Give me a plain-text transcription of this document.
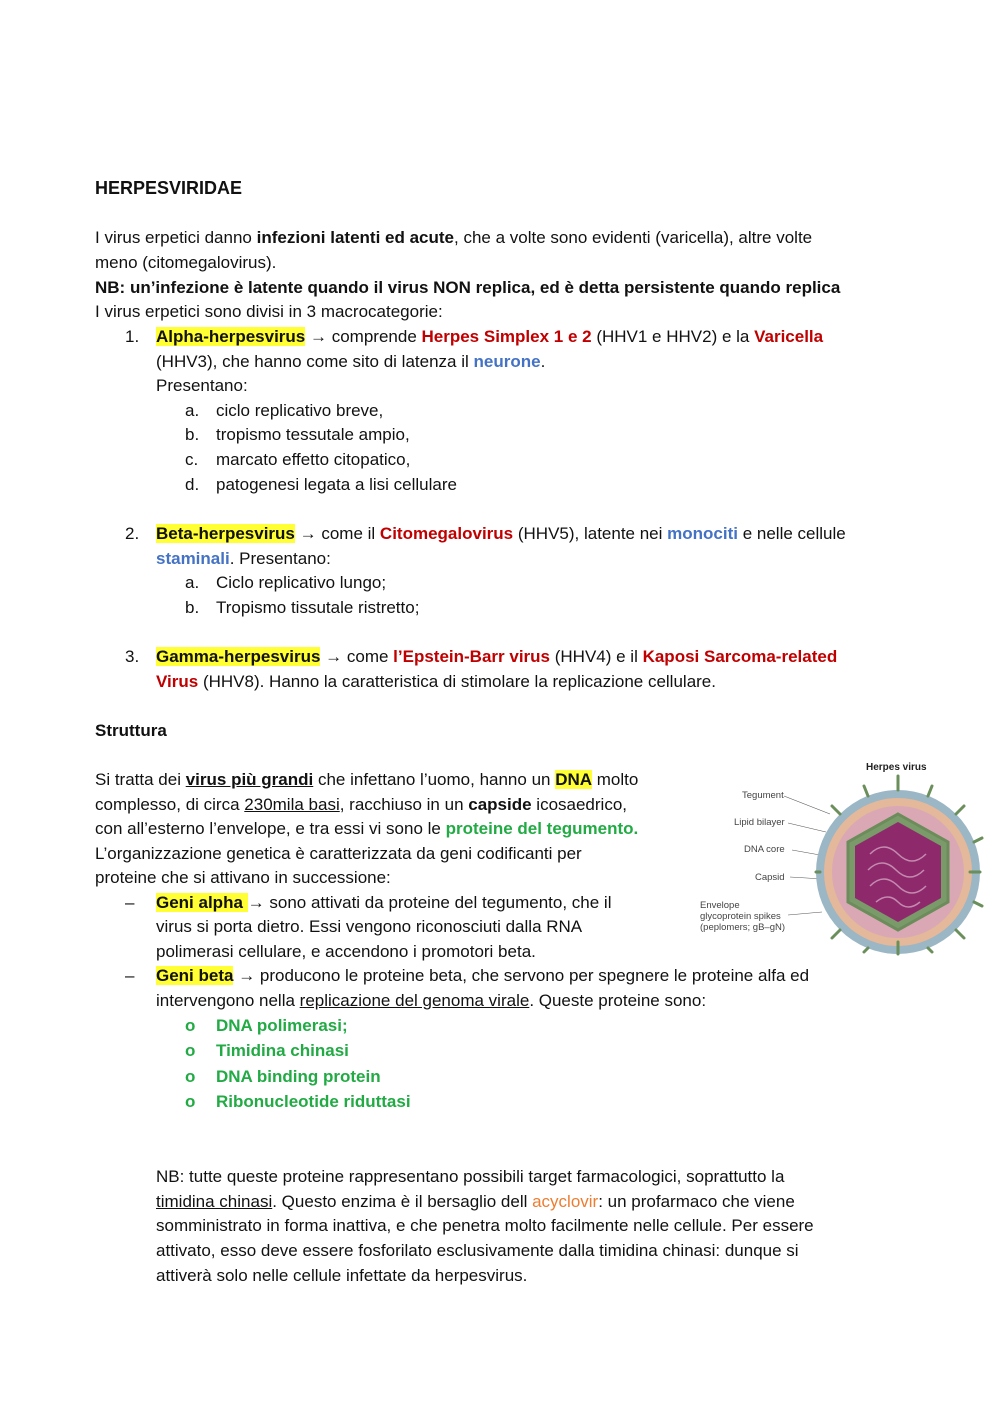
HERPESVIRIDAE
I virus erpetici danno infezioni latenti ed acute, che a volte sono evidenti (varicella), altre volte
meno (citomegalovirus).
NB: un’infezione è latente quando il virus NON replica, ed è detta persistente quando replica
I virus erpetici sono divisi in 3 macrocategorie:
1. Alpha-herpesvirus → comprende Herpes Simplex 1 e 2 (HHV1 e HHV2) e la Varicella
(HHV3), che hanno come sito di latenza il neurone.
Presentano:
a. ciclo replicativo breve,
b. tropismo tessutale ampio,
c.	marcato effetto citopatico,
d. patogenesi legata a lisi cellulare
2. Beta-herpesvirus → come il Citomegalovirus (HHV5), latente nei monociti e nelle cellule
staminali. Presentano:
a. Ciclo replicativo lungo;
b. Tropismo tissutale ristretto;
3. Gamma-herpesvirus → come l’Epstein-Barr virus (HHV4) e il Kaposi Sarcoma-related
Virus (HHV8). Hanno la caratteristica di stimolare la replicazione cellulare.
Struttura
Si tratta dei virus più grandi che infettano l’uomo, hanno un DNA molto
complesso, di circa 230mila basi, racchiuso in un capside icosaedrico,
con all’esterno l’envelope, e tra essi vi sono le proteine del tegumento.
L’organizzazione genetica è caratterizzata da geni codificanti per
proteine che si attivano in successione:
– Geni alpha → sono attivati da proteine del tegumento, che il
virus si porta dietro. Essi vengono riconosciuti dalla RNA
polimerasi cellulare, e accendono i promotori beta.
– Geni beta → producono le proteine beta, che servono per spegnere le proteine alfa ed
intervengono nella replicazione del genoma virale. Queste proteine sono:
o DNA polimerasi;
o Timidina chinasi
o DNA binding protein
o Ribonucleotide riduttasi
NB: tutte queste proteine rappresentano possibili target farmacologici, soprattutto la
timidina chinasi. Questo enzima è il bersaglio dell acyclovir: un profarmaco che viene
somministrato in forma inattiva, e che penetra molto facilmente nelle cellule. Per essere
attivato, esso deve essere fosforilato esclusivamente dalla timidina chinasi: dunque si
attiverà solo nelle cellule infettate da herpesvirus.
Herpes virus
Tegument
Lipid bilayer
DNA core
Capsid
Envelope
glycoprotein spikes
(peplomers; gB–gN)
